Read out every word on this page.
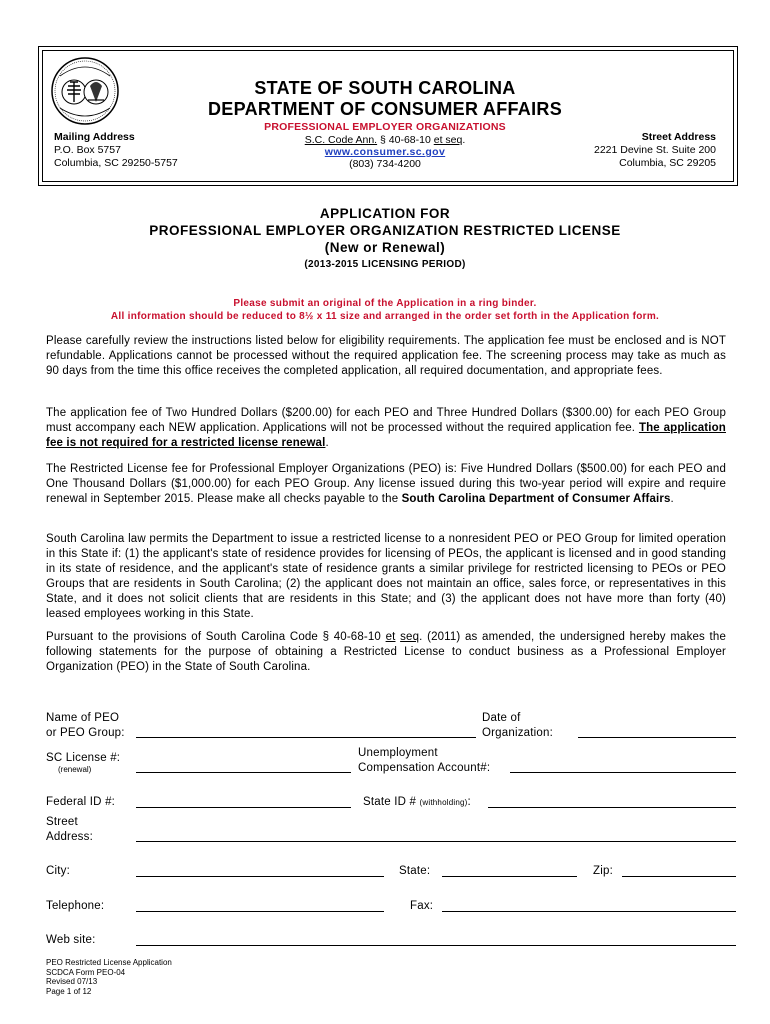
STATE OF SOUTH CAROLINA
DEPARTMENT OF CONSUMER AFFAIRS
PROFESSIONAL EMPLOYER ORGANIZATIONS
S.C. Code Ann. § 40-68-10 et seq.
www.consumer.sc.gov
(803) 734-4200
Mailing Address
P.O. Box 5757
Columbia, SC 29250-5757
Street Address
2221 Devine St. Suite 200
Columbia, SC 29205
APPLICATION FOR
PROFESSIONAL EMPLOYER ORGANIZATION RESTRICTED LICENSE
(New or Renewal)
(2013-2015 LICENSING PERIOD)
Please submit an original of the Application in a ring binder.
All information should be reduced to 8½ x 11 size and arranged in the order set forth in the Application form.
Please carefully review the instructions listed below for eligibility requirements. The application fee must be enclosed and is NOT refundable. Applications cannot be processed without the required application fee. The screening process may take as much as 90 days from the time this office receives the completed application, all required documentation, and appropriate fees.
The application fee of Two Hundred Dollars ($200.00) for each PEO and Three Hundred Dollars ($300.00) for each PEO Group must accompany each NEW application. Applications will not be processed without the required application fee. The application fee is not required for a restricted license renewal.
The Restricted License fee for Professional Employer Organizations (PEO) is: Five Hundred Dollars ($500.00) for each PEO and One Thousand Dollars ($1,000.00) for each PEO Group. Any license issued during this two-year period will expire and require renewal in September 2015. Please make all checks payable to the South Carolina Department of Consumer Affairs.
South Carolina law permits the Department to issue a restricted license to a nonresident PEO or PEO Group for limited operation in this State if: (1) the applicant's state of residence provides for licensing of PEOs, the applicant is licensed and in good standing in its state of residence, and the applicant's state of residence grants a similar privilege for restricted licensing to PEOs or PEO Groups that are residents in South Carolina; (2) the applicant does not maintain an office, sales force, or representatives in this State, and it does not solicit clients that are residents in this State; and (3) the applicant does not have more than forty (40) leased employees working in this State.
Pursuant to the provisions of South Carolina Code § 40-68-10 et seq. (2011) as amended, the undersigned hereby makes the following statements for the purpose of obtaining a Restricted License to conduct business as a Professional Employer Organization (PEO) in the State of South Carolina.
Name of PEO
or PEO Group:
Date of
Organization:
SC License #:
(renewal)
Unemployment
Compensation Account#:
Federal ID #:	State ID # (withholding):
Street
Address:
City:	State:	Zip:
Telephone:	Fax:
Web site:
PEO Restricted License Application
SCDCA Form PEO-04
Revised 07/13
Page 1 of 12
